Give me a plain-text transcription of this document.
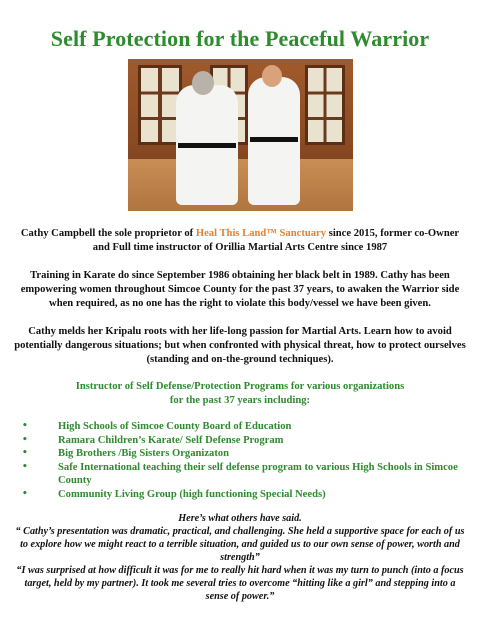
Self Protection for the Peaceful Warrior

Cathy Campbell the sole proprietor of Heal This Land™ Sanctuary since 2015, former co-Owner and Full time instructor of Orillia Martial Arts Centre since 1987

Training in Karate do since September 1986 obtaining her black belt in 1989. Cathy has been empowering women throughout Simcoe County for the past 37 years, to awaken the Warrior side when required, as no one has the right to violate this body/vessel we have been given.

Cathy melds her Kripalu roots with her life-long passion for Martial Arts. Learn how to avoid potentially dangerous situations; but when confronted with physical threat, how to protect ourselves (standing and on-the-ground techniques).

Instructor of Self Defense/Protection Programs for various organizations
for the past 37 years including:
•	High Schools of Simcoe County Board of Education
•	Ramara Children’s Karate/ Self Defense Program
•	Big Brothers /Big Sisters Organizaton
•	Safe International teaching their self defense program to various High Schools in Simcoe County
•	Community Living Group (high functioning Special Needs)

Here’s what others have said.

“ Cathy’s presentation was dramatic, practical, and challenging. She held a supportive space for each of us to explore how we might react to a terrible situation, and guided us to our own sense of power, worth and strength”

“I was surprised at how difficult it was for me to really hit hard when it was my turn to punch (into a focus target, held by my partner). It took me several tries to overcome “hitting like a girl” and stepping into a sense of power.”
